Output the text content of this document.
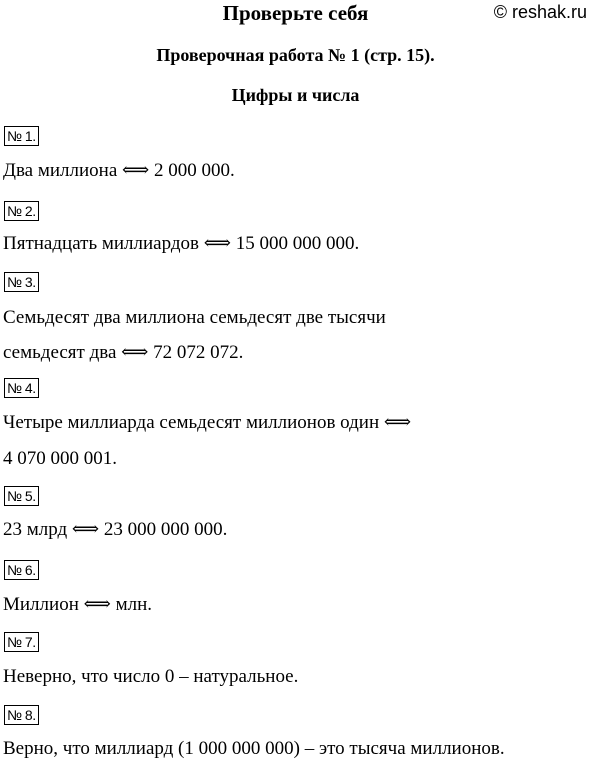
Проверьте себя	© reshak.ru
Проверочная работа № 1 (стр. 15).
Цифры и числа
№ 1.
Два миллиона ⟺ 2 000 000.
№ 2.
Пятнадцать миллиардов ⟺ 15 000 000 000.
№ 3.
Семьдесят два миллиона семьдесят две тысячи
семьдесят два ⟺ 72 072 072.
№ 4.
Четыре миллиарда семьдесят миллионов один ⟺
4 070 000 001.
№ 5.
23 млрд ⟺ 23 000 000 000.
№ 6.
Миллион ⟺ млн.
№ 7.
Неверно, что число 0 – натуральное.
№ 8.
Верно, что миллиард (1 000 000 000) – это тысяча миллионов.
